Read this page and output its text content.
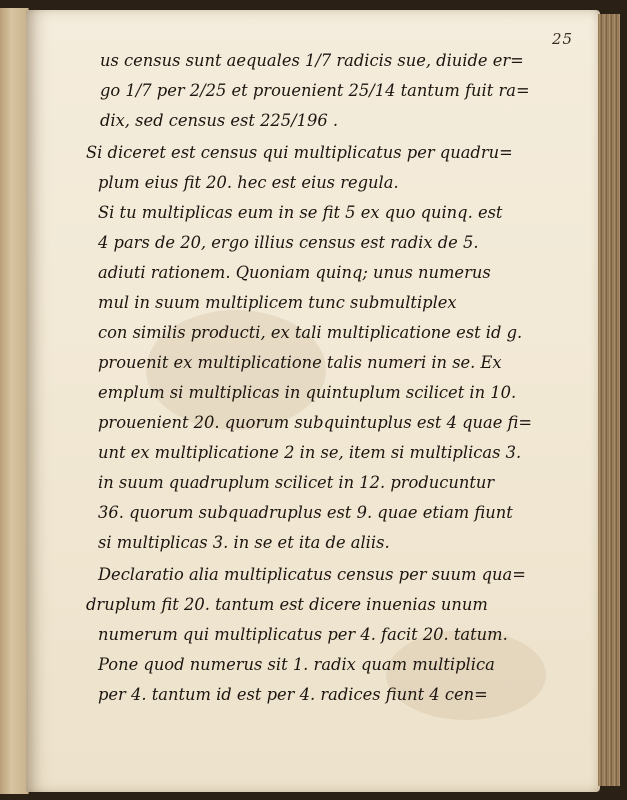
25
us census sunt aequales 1/7 radicis sue, diuide er=
go 1/7 per 2/25 et prouenient 25/14 tantum fuit ra=
dix, sed census est 225/196 .
Si diceret est census qui multiplicatus per quadru=
plum eius fit 20. hec est eius regula.
Si tu multiplicas eum in se fit 5 ex quo quinq. est
4 pars de 20, ergo illius census est radix de 5.
adiuti rationem. Quoniam quinq; unus numerus
mul in suum multiplicem tunc submultiplex
con similis producti, ex tali multiplicatione est id g.
prouenit ex multiplicatione talis numeri in se. Ex
emplum si multiplicas in quintuplum scilicet in 10.
prouenient 20. quorum subquintuplus est 4 quae fi=
unt ex multiplicatione 2 in se, item si multiplicas 3.
in suum quadruplum scilicet in 12. producuntur
36. quorum subquadruplus est 9. quae etiam fiunt
si multiplicas 3. in se et ita de aliis.
Declaratio alia multiplicatus census per suum qua=
druplum fit 20. tantum est dicere inuenias unum
numerum qui multiplicatus per 4. facit 20. tatum.
Pone quod numerus sit 1. radix quam multiplica
per 4. tantum id est per 4. radices fiunt 4 cen=
